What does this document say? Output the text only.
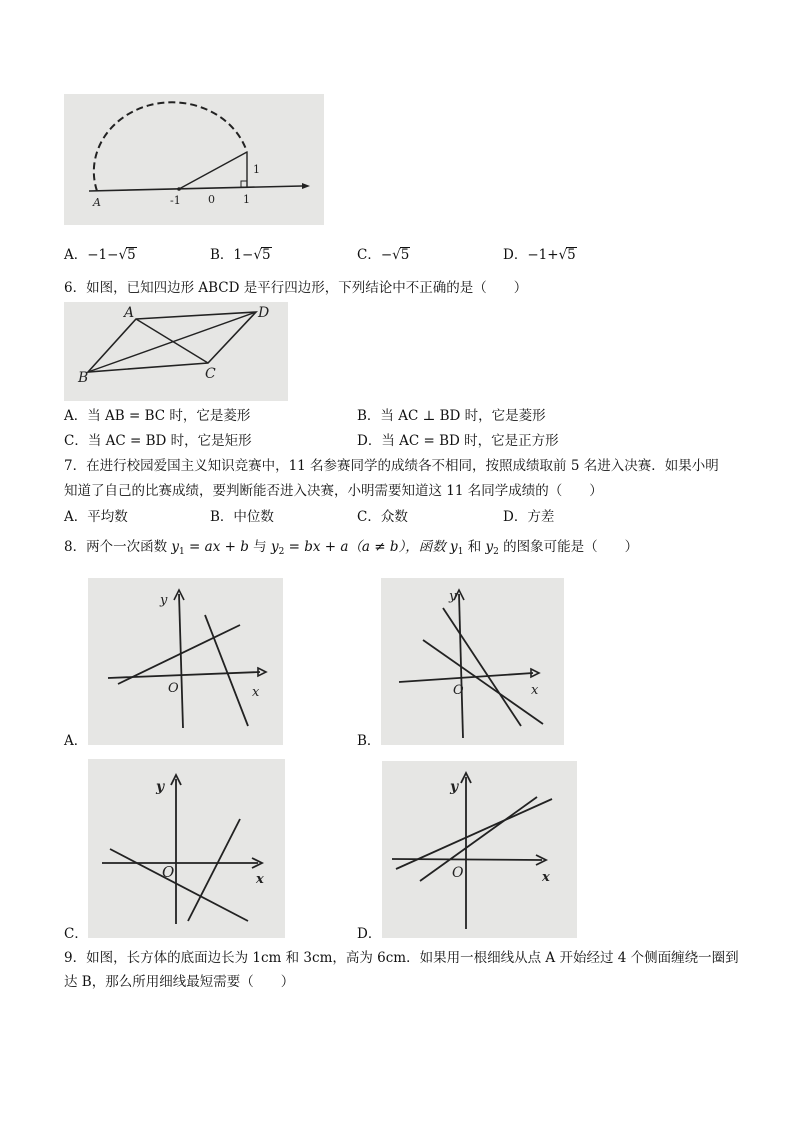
A	-1 0	1
1
A．−1−√5	B．1−√5	C．−√5	D．−1+√5
6．如图，已知四边形 ABCD 是平行四边形，下列结论中不正确的是（　　）
A	D
B	C
A．当 AB = BC 时，它是菱形	B．当 AC ⊥ BD 时，它是菱形
C．当 AC = BD 时，它是矩形	D．当 AC = BD 时，它是正方形
7．在进行校园爱国主义知识竞赛中，11 名参赛同学的成绩各不相同，按照成绩取前 5 名进入决赛．如果小明
知道了自己的比赛成绩，要判断能否进入决赛，小明需要知道这 11 名同学成绩的（　　）
A．平均数	B．中位数	C．众数	D．方差
8．两个一次函数 $y_1$ = ax + b 与 $y_2$ = bx + a（a ≠ b），函数 $y_1$ 和 $y_2$ 的图象可能是（　　）
y
x
O
A．
y
x
O
B．
y
x
O
C．
y
x
O
D．
9．如图，长方体的底面边长为 1cm 和 3cm，高为 6cm．如果用一根细线从点 A 开始经过 4 个侧面缠绕一圈到
达 B，那么所用细线最短需要（　　）
